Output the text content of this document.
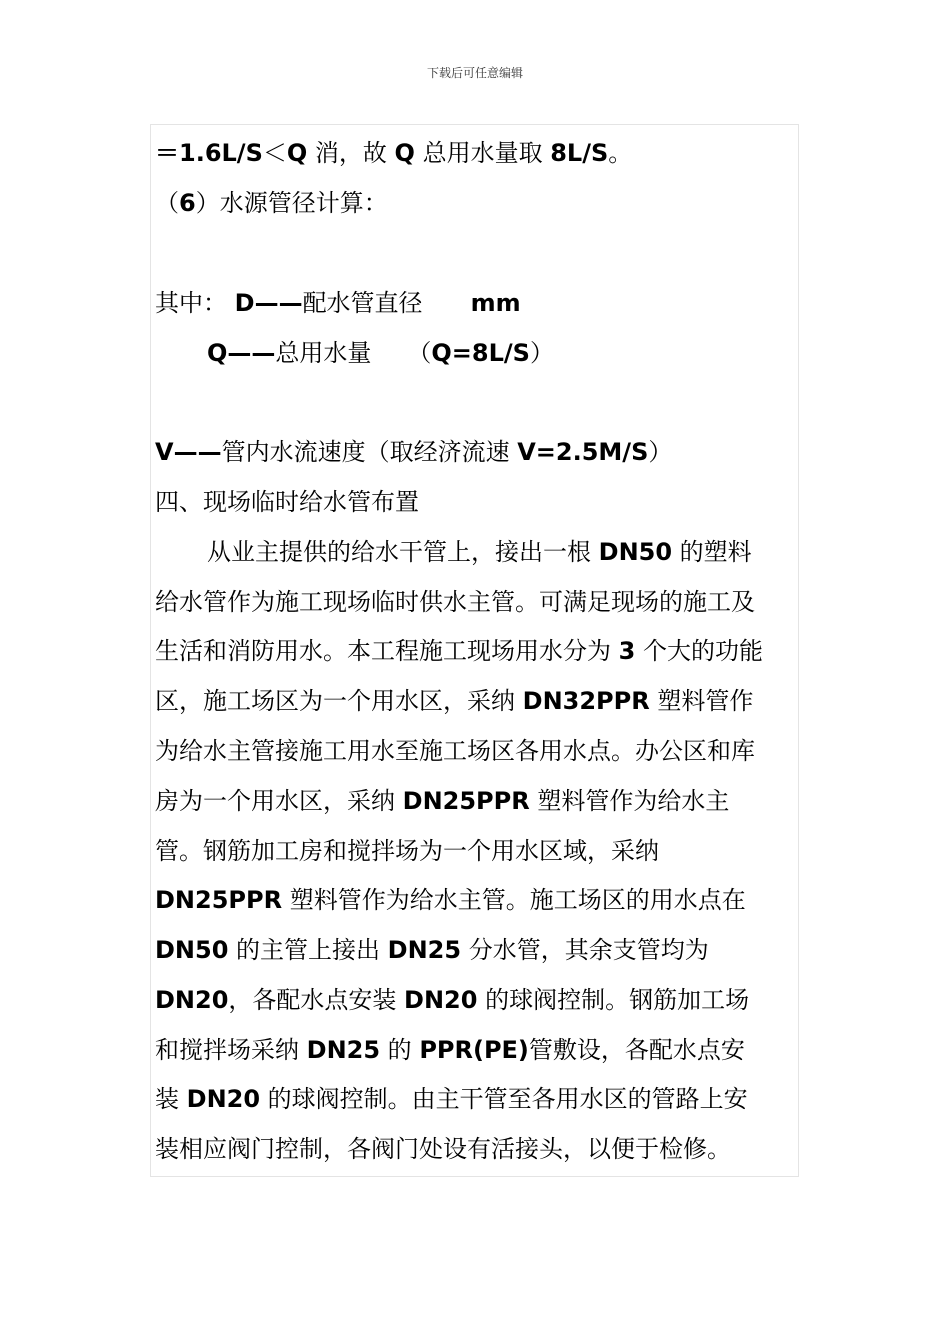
下载后可任意编辑
＝1.6L/S＜Q 消，故 Q 总用水量取 8L/S。
（6）水源管径计算：
其中： D——配水管直径　　mm
Q——总用水量　　（Q=8L/S）
V——管内水流速度（取经济流速 V=2.5M/S）
四、现场临时给水管布置
从业主提供的给水干管上，接出一根 DN50 的塑料
给水管作为施工现场临时供水主管。可满足现场的施工及
生活和消防用水。本工程施工现场用水分为 3 个大的功能
区，施工场区为一个用水区，采纳 DN32PPR 塑料管作
为给水主管接施工用水至施工场区各用水点。办公区和库
房为一个用水区，采纳 DN25PPR 塑料管作为给水主
管。钢筋加工房和搅拌场为一个用水区域，采纳
DN25PPR 塑料管作为给水主管。施工场区的用水点在
DN50 的主管上接出 DN25 分水管，其余支管均为
DN20，各配水点安装 DN20 的球阀控制。钢筋加工场
和搅拌场采纳 DN25 的 PPR(PE)管敷设，各配水点安
装 DN20 的球阀控制。由主干管至各用水区的管路上安
装相应阀门控制，各阀门处设有活接头，以便于检修。
